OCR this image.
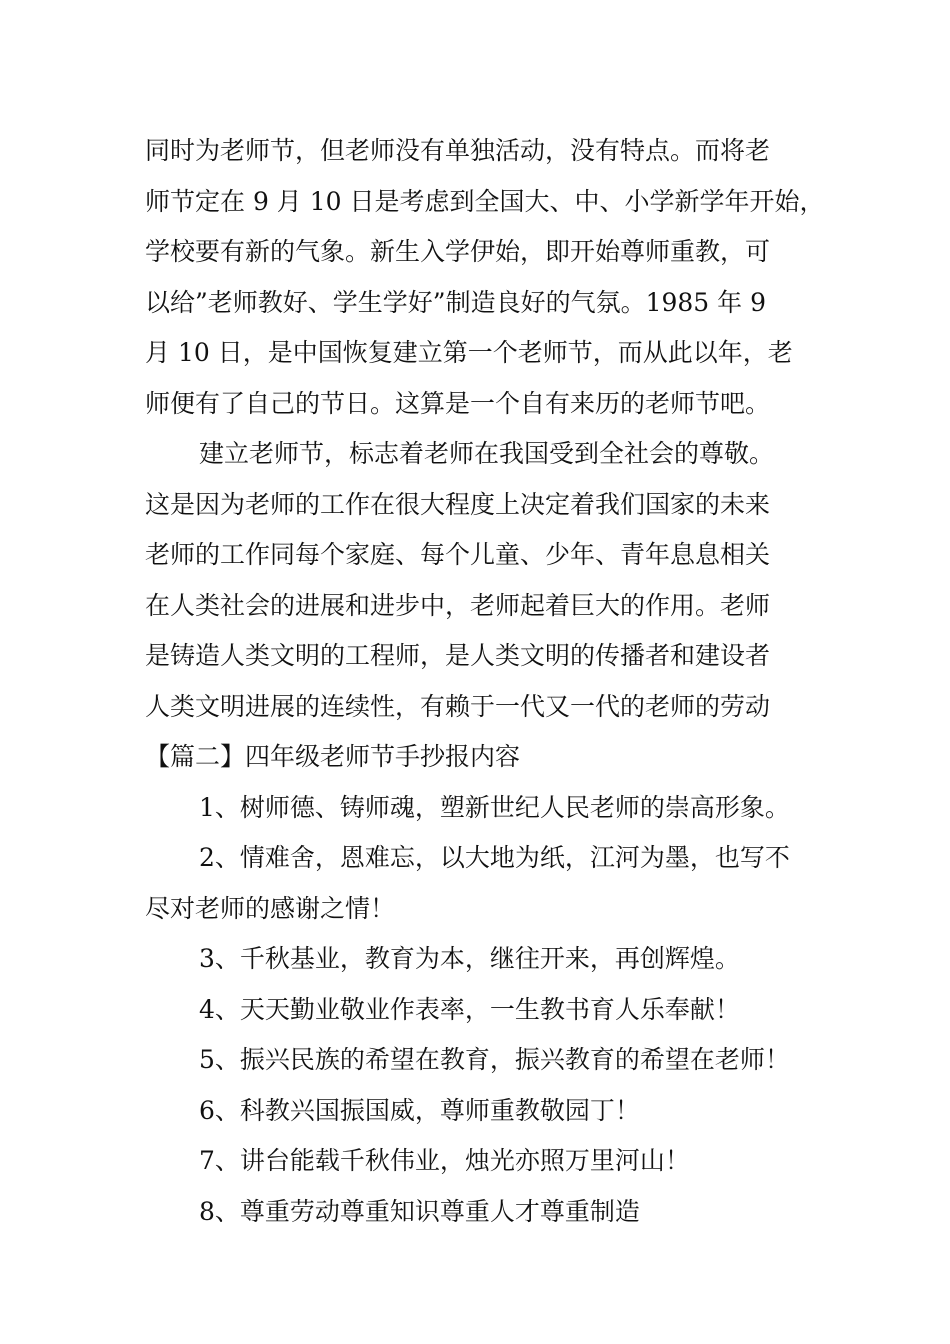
同时为老师节，但老师没有单独活动，没有特点。而将老
师节定在 9 月 10 日是考虑到全国大、中、小学新学年开始，
学校要有新的气象。新生入学伊始，即开始尊师重教，可
以给”老师教好、学生学好”制造良好的气氛。1985 年 9
月 10 日，是中国恢复建立第一个老师节，而从此以年，老
师便有了自己的节日。这算是一个自有来历的老师节吧。
建立老师节，标志着老师在我国受到全社会的尊敬。
这是因为老师的工作在很大程度上决定着我们国家的未来
老师的工作同每个家庭、每个儿童、少年、青年息息相关
在人类社会的进展和进步中，老师起着巨大的作用。老师
是铸造人类文明的工程师，是人类文明的传播者和建设者
人类文明进展的连续性，有赖于一代又一代的老师的劳动
【篇二】四年级老师节手抄报内容
1、树师德、铸师魂，塑新世纪人民老师的崇高形象。
2、情难舍，恩难忘，以大地为纸，江河为墨，也写不
尽对老师的感谢之情！
3、千秋基业，教育为本，继往开来，再创辉煌。
4、天天勤业敬业作表率，一生教书育人乐奉献！
5、振兴民族的希望在教育，振兴教育的希望在老师！
6、科教兴国振国威，尊师重教敬园丁！
7、讲台能载千秋伟业，烛光亦照万里河山！
8、尊重劳动尊重知识尊重人才尊重制造
